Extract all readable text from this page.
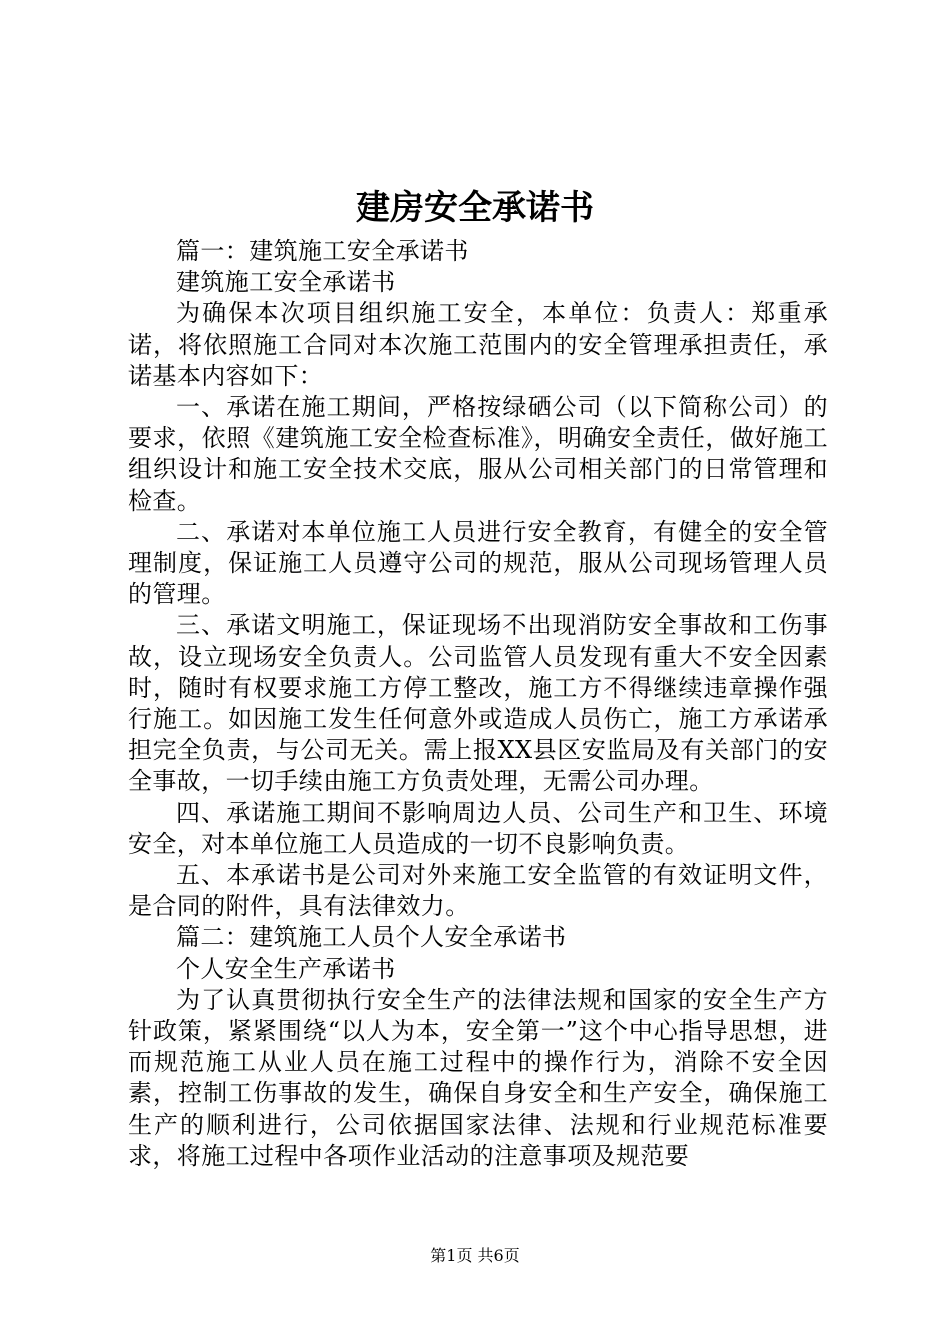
建房安全承诺书

篇一：建筑施工安全承诺书

建筑施工安全承诺书

为确保本次项目组织施工安全，本单位：负责人：郑重承诺，将依照施工合同对本次施工范围内的安全管理承担责任，承诺基本内容如下：

一、承诺在施工期间，严格按绿硒公司（以下简称公司）的要求，依照《建筑施工安全检查标准》，明确安全责任，做好施工组织设计和施工安全技术交底，服从公司相关部门的日常管理和检查。

二、承诺对本单位施工人员进行安全教育，有健全的安全管理制度，保证施工人员遵守公司的规范，服从公司现场管理人员的管理。

三、承诺文明施工，保证现场不出现消防安全事故和工伤事故，设立现场安全负责人。公司监管人员发现有重大不安全因素时，随时有权要求施工方停工整改，施工方不得继续违章操作强行施工。如因施工发生任何意外或造成人员伤亡，施工方承诺承担完全负责，与公司无关。需上报XX县区安监局及有关部门的安全事故，一切手续由施工方负责处理，无需公司办理。

四、承诺施工期间不影响周边人员、公司生产和卫生、环境安全，对本单位施工人员造成的一切不良影响负责。

五、本承诺书是公司对外来施工安全监管的有效证明文件，是合同的附件，具有法律效力。

篇二：建筑施工人员个人安全承诺书

个人安全生产承诺书

为了认真贯彻执行安全生产的法律法规和国家的安全生产方针政策，紧紧围绕“以人为本，安全第一”这个中心指导思想，进而规范施工从业人员在施工过程中的操作行为，消除不安全因素，控制工伤事故的发生，确保自身安全和生产安全，确保施工生产的顺利进行，公司依据国家法律、法规和行业规范标准要求，将施工过程中各项作业活动的注意事项及规范要

第1页 共6页
